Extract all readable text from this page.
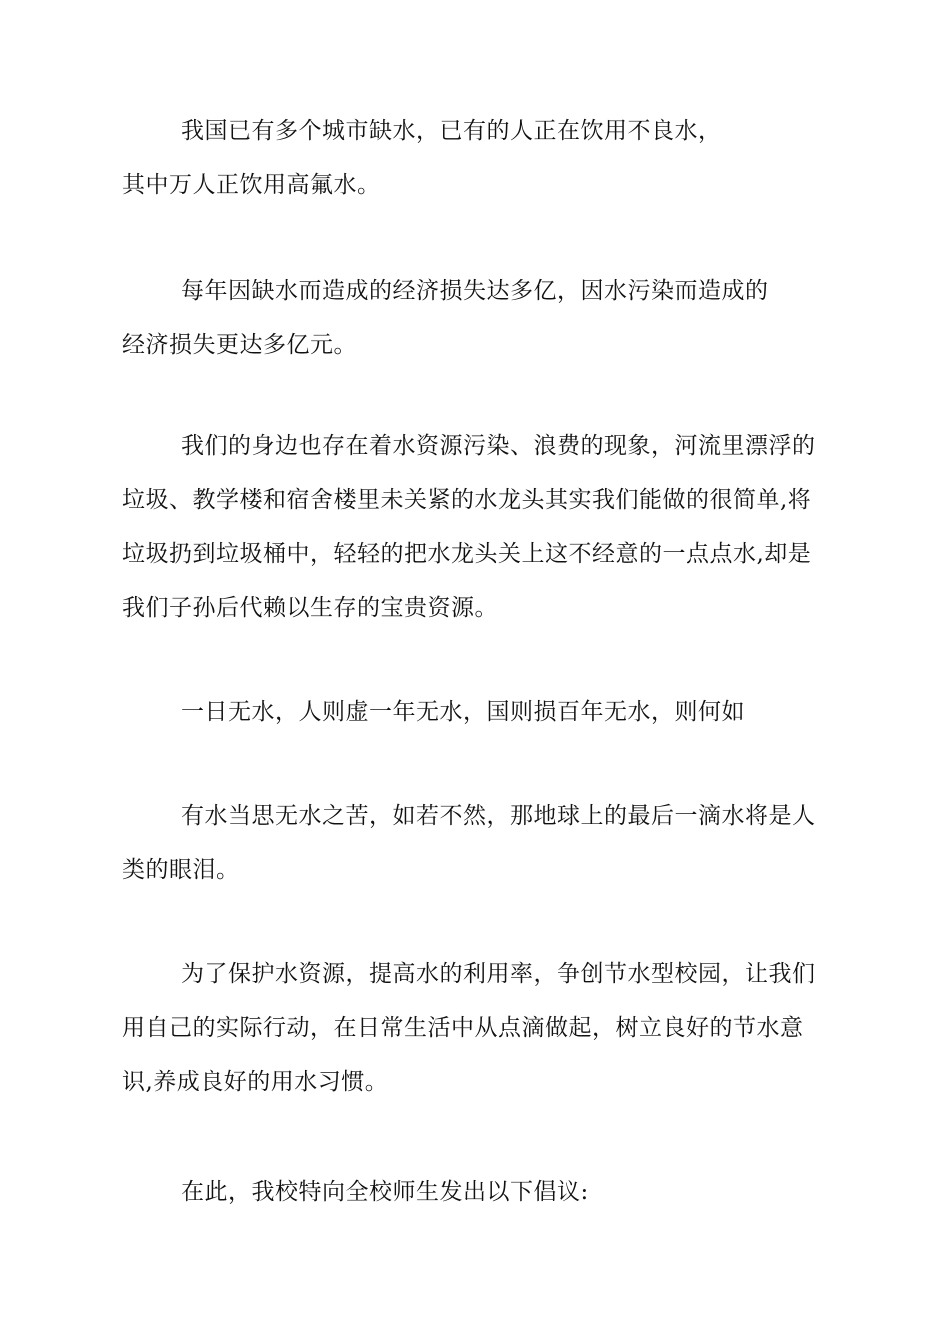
我国已有多个城市缺水，已有的人正在饮用不良水，
其中万人正饮用高氟水。
每年因缺水而造成的经济损失达多亿，因水污染而造成的
经济损失更达多亿元。
我们的身边也存在着水资源污染、浪费的现象，河流里漂浮的
垃圾、教学楼和宿舍楼里未关紧的水龙头其实我们能做的很简单,将
垃圾扔到垃圾桶中，轻轻的把水龙头关上这不经意的一点点水,却是
我们子孙后代赖以生存的宝贵资源。
一日无水，人则虚一年无水，国则损百年无水，则何如
有水当思无水之苦，如若不然，那地球上的最后一滴水将是人
类的眼泪。
为了保护水资源，提高水的利用率，争创节水型校园，让我们
用自己的实际行动，在日常生活中从点滴做起，树立良好的节水意
识,养成良好的用水习惯。
在此，我校特向全校师生发出以下倡议:
